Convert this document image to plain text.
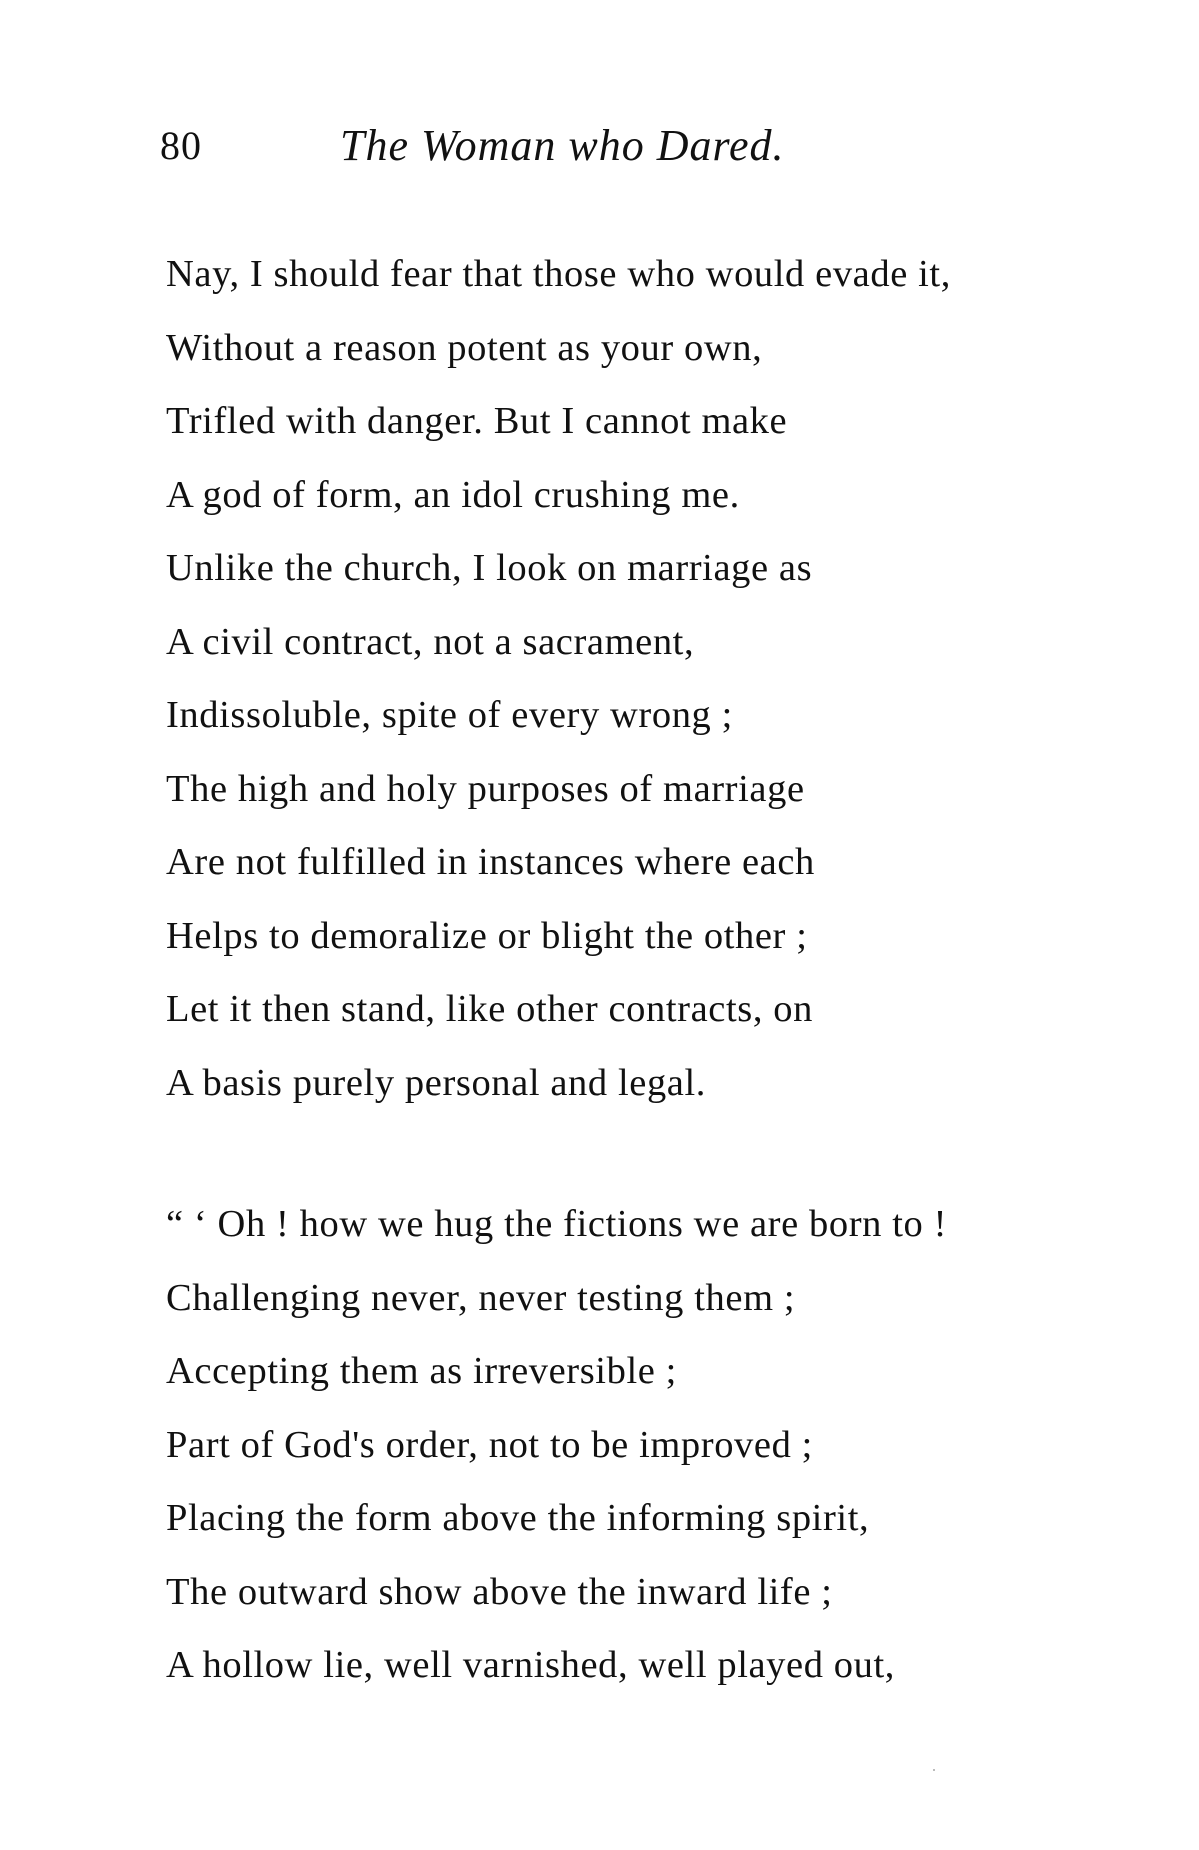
80	The Woman who Dared.
Nay, I should fear that those who would evade it,
Without a reason potent as your own,
Trifled with danger. But I cannot make
A god of form, an idol crushing me.
Unlike the church, I look on marriage as
A civil contract, not a sacrament,
Indissoluble, spite of every wrong ;
The high and holy purposes of marriage
Are not fulfilled in instances where each
Helps to demoralize or blight the other ;
Let it then stand, like other contracts, on
A basis purely personal and legal.
“ ‘ Oh ! how we hug the fictions we are born to !
Challenging never, never testing them ;
Accepting them as irreversible ;
Part of God's order, not to be improved ;
Placing the form above the informing spirit,
The outward show above the inward life ;
A hollow lie, well varnished, well played out,
